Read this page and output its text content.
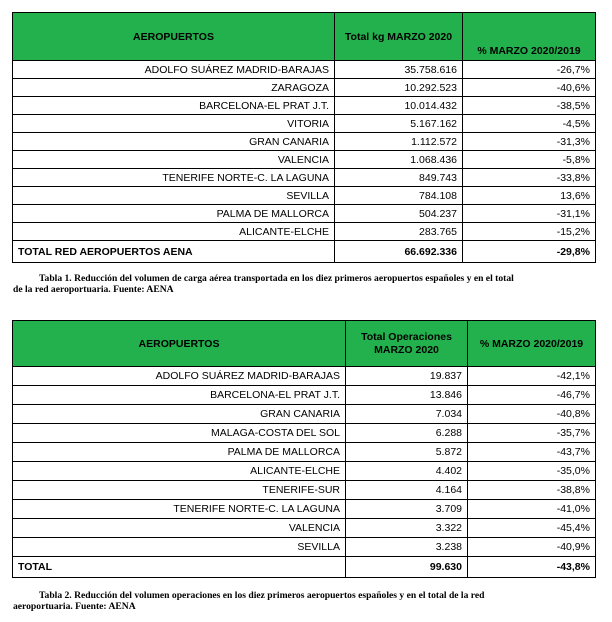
AEROPUERTOS	Total kg MARZO 2020	% MARZO 2020/2019
ADOLFO SUÁREZ MADRID-BARAJAS	35.758.616	-26,7%
ZARAGOZA	10.292.523	-40,6%
BARCELONA-EL PRAT J.T.	10.014.432	-38,5%
VITORIA	5.167.162	-4,5%
GRAN CANARIA	1.112.572	-31,3%
VALENCIA	1.068.436	-5,8%
TENERIFE NORTE-C. LA LAGUNA	849.743	-33,8%
SEVILLA	784.108	13,6%
PALMA DE MALLORCA	504.237	-31,1%
ALICANTE-ELCHE	283.765	-15,2%
TOTAL RED AEROPUERTOS AENA	66.692.336	-29,8%
Tabla 1. Reducción del volumen de carga aérea transportada en los diez primeros aeropuertos españoles y en el total
de la red aeroportuaria. Fuente: AENA
AEROPUERTOS	Total Operaciones MARZO 2020	% MARZO 2020/2019
ADOLFO SUÁREZ MADRID-BARAJAS	19.837	-42,1%
BARCELONA-EL PRAT J.T.	13.846	-46,7%
GRAN CANARIA	7.034	-40,8%
MALAGA-COSTA DEL SOL	6.288	-35,7%
PALMA DE MALLORCA	5.872	-43,7%
ALICANTE-ELCHE	4.402	-35,0%
TENERIFE-SUR	4.164	-38,8%
TENERIFE NORTE-C. LA LAGUNA	3.709	-41,0%
VALENCIA	3.322	-45,4%
SEVILLA	3.238	-40,9%
TOTAL	99.630	-43,8%
Tabla 2. Reducción del volumen operaciones en los diez primeros aeropuertos españoles y en el total de la red
aeroportuaria. Fuente: AENA
